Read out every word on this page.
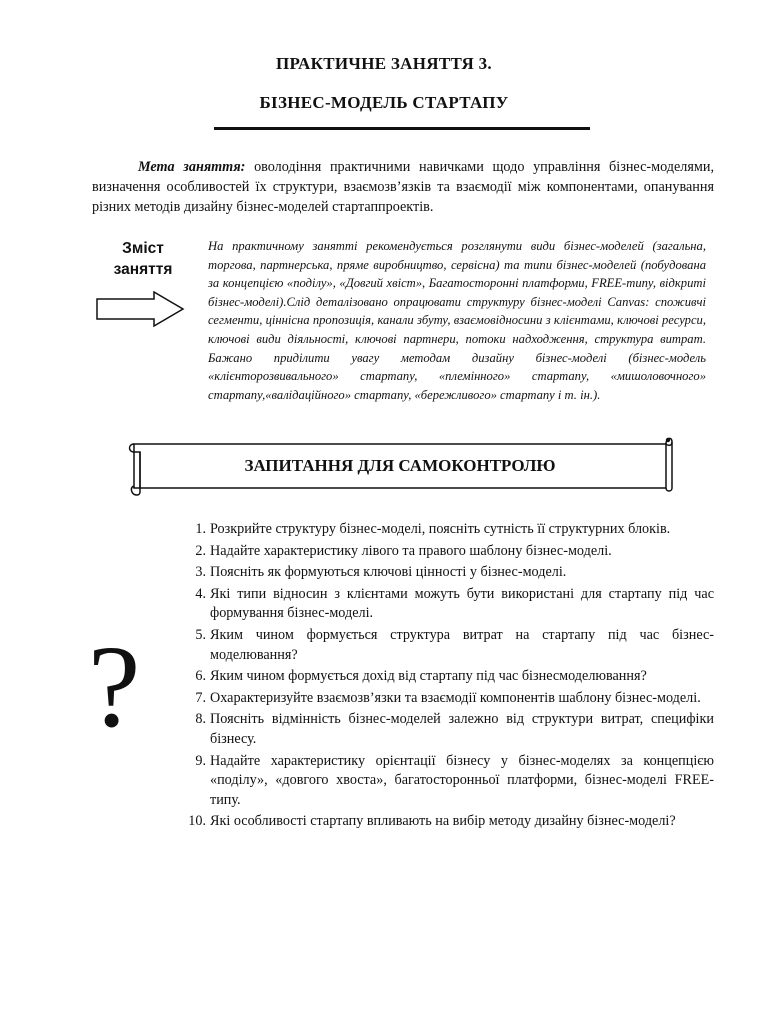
ПРАКТИЧНЕ ЗАНЯТТЯ 3.
БІЗНЕС-МОДЕЛЬ СТАРТАПУ
Мета заняття: оволодіння практичними навичками щодо управління бізнес-моделями, визначення особливостей їх структури, взаємозв’язків та взаємодії між компонентами, опанування різних методів дизайну бізнес-моделей стартаппроектів.
Зміст
заняття
На практичному занятті рекомендується розглянути види бізнес-моделей (загальна, торгова, партнерська, пряме виробництво, сервісна) та типи бізнес-моделей (побудована за концепцією «поділу», «Довгий хвіст», Багатосторонні платформи, FREE-типу, відкриті бізнес-моделі).Слід деталізовано опрацювати структуру бізнес-моделі Canvas: споживчі сегменти, ціннісна пропозиція, канали збуту, взаємовідносини з клієнтами, ключові ресурси, ключові види діяльності, ключові партнери, потоки надходження, структура витрат. Бажано приділити увагу методам дизайну бізнес-моделі (бізнес-модель «клієнторозвивального» стартапу, «племінного» стартапу, «мишоловочного» стартапу,«валідаційного» стартапу, «бережливого» стартапу і т. ін.).
ЗАПИТАННЯ ДЛЯ САМОКОНТРОЛЮ
?
1. Розкрийте структуру бізнес-моделі, поясніть сутність її структурних блоків.
2. Надайте характеристику лівого та правого шаблону бізнес-моделі.
3. Поясніть як формуються ключові цінності у бізнес-моделі.
4. Які типи відносин з клієнтами можуть бути використані для стартапу під час формування бізнес-моделі.
5. Яким чином формується структура витрат на стартапу під час бізнес-моделювання?
6. Яким чином формується дохід від стартапу під час бізнесмоделювання?
7. Охарактеризуйте взаємозв’язки та взаємодії компонентів шаблону бізнес-моделі.
8. Поясніть відмінність бізнес-моделей залежно від структури витрат, специфіки бізнесу.
9. Надайте характеристику орієнтації бізнесу у бізнес-моделях за концепцією «поділу», «довгого хвоста», багатосторонньої платформи, бізнес-моделі FREE-типу.
10. Які особливості стартапу впливають на вибір методу дизайну бізнес-моделі?
